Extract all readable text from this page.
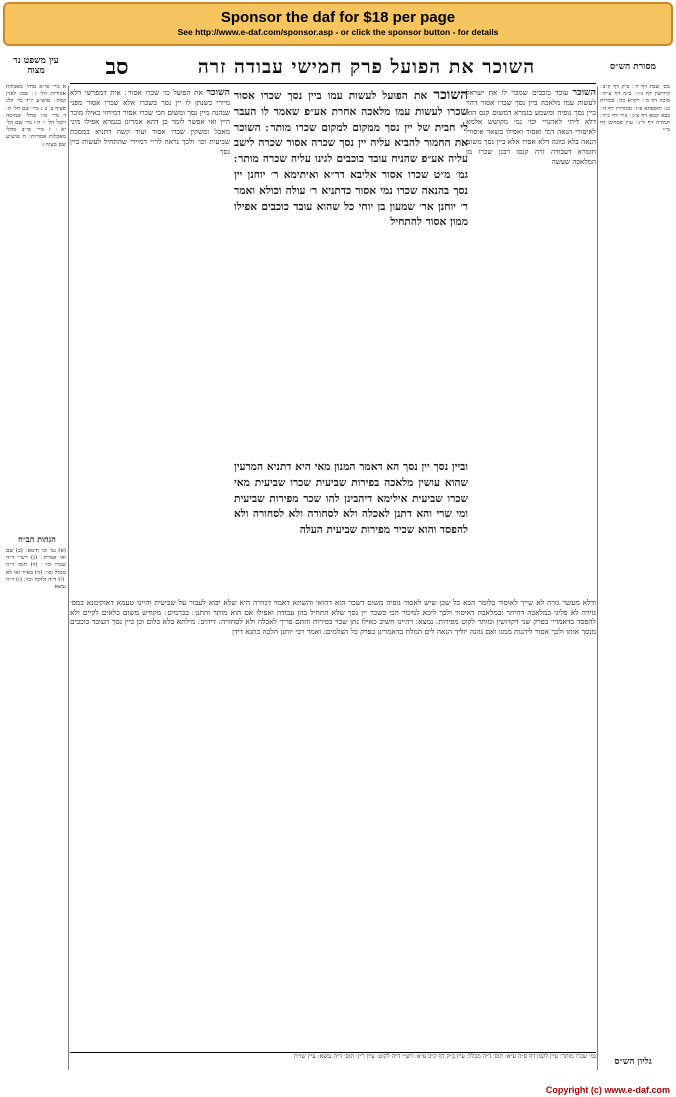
Sponsor the daf for $18 per page
See http://www.e-daf.com/sponsor.asp - or click the sponsor button - for details
עין משפט נר מצוה	סב	השוכר את הפועל פרק חמישי עבודה זרה	מסורת הש״ס

א מיי׳ פי״א מהל׳ מאכלות אסורות הל׳ ז ׃ סמג לאוין קמח ׃ טוש״ע יו״ד סי׳ קלג סעיף ב ׃ ב ג מיי׳ שם הל׳ ח ׃ ד מיי׳ פ״ו מהל׳ שמיטה ויובל הל׳ י ׃ ה ו מיי׳ שם הל׳ יא ׃ ז מיי׳ פי״ב מהל׳ מאכלות אסורות ׃ ח טוש״ע שם סעיף ג

הגהות הב״ח

(א) גמ׳ וכי תימא ׃ (ב) שם ואי אמרת ׃ (ג) רש״י ד״ה שכרו וכו׳ ׃ (ד) תוס׳ ד״ה מכלל וכו׳ ׃ (ה) בא״ד ואי לא ׃ (ו) ד״ה ולוקח וכו׳ ׃ (ז) ד״ה נמצא

מס׳ שבת דף ל׳ ׃ ב״ק דף ק״ב ׃ קידושין דף נ״ו ׃ ב״מ דף ע״ח ׃ סוכה דף מ׳ ׃ ויקרא כה ׃ בכורות כג ׃ תוספתא פ״ז ׃ סנהדרין דף ה׳ ׃ בבא קמא דף צ״ג ׃ נזיר דף כ״ד ׃ תמורה דף ל״ג ׃ עיין פסחים דף מ״ו

השוכר את הפועל כו׳ שכרו אסור ׃ אית דמפרשי דלא מיירי כשנתן לו יין נסך בשכרו אלא שכרו אסור מפני שנהנה מיין נסך ומשום הכי שכרו אסור דמיחזי כאילו מוכר היין ואי אפשר לומר כן דהא אמרינן בגמרא אפילו מיני מאכל ומשקין שכרו אסור ועוד קשה דתניא במסכת שביעית וכו׳ ולכך נראה לר״י דמיירי שהתחיל לעשות ביין נסך

השוכר את הפועל לעשות עמו ביין נסך שכרו אסור שכרו לעשות עמו מלאכה אחרת אע״פ שאמר לו העבר לי חבית של יין נסך ממקום למקום שכרו מותר ׃ השוכר את החמור להביא עליה יין נסך שכרה אסור שכרה לישב עליה אע״פ שהניח עובד כוכבים לגינו עליה שכרה מותר ׃ גמ׳ מ״ט שכרו אסור אליבא דר״א ואיתימא ר׳ יוחנן יין נסך בהנאה שכרו נמי אסור כדתניא ר׳ עולה וכולא ואמר ר׳ יוחנן אר׳ שמעון בן יוחי כל שהוא עובד כוכבים אפילו ממון אסור להתחיל

וביין נסך יין נסך הא דאמר המנון מאי היא דתניא המרעין שהוא עושין מלאכה בפירות שביעית שכרו שביעית מאי שכרו שביעית אילימא דיהבינן להו שכר מפירות שביעית ומי שרי והא דתנן לאכלה ולא לסחורה ולא לסחורה ולא להפסד והוא שכיר מפירות שביעית העלה

השוכר עובד כוכבים שמכר לו את ישראל לעשות עמו מלאכה ביין נסך שכרו אסור דהוי כיין נסך גופיה ומשמע בגמרא דמשום קנס הוא דלא ליתי לאהנויי וכו׳ גמ׳ מקושש אלמא לאיסורי הנאה דמי ואסור ואפילו בשאר איסורי הנאה בלא כוונה דלא אסרו אלא ביין נסך משום חומרא דעבודה זרה קנסו רבנן שכרו מן המלאכה שעשה

ודלא מעשר גזרה לא שייך לאוסור כלומר הכא כל שכן שיש לאסור גופיה משום דשכר הוא דהואי והשתא דאמר דגזירה היא שלא יבוא לעבור על שביעית והיינו טעמא דאוקימנא במס׳ גזירה לא פליגי במלאכה דהיתר ובמלאכה דאיסור ולכך ליכא למימר הכי בשכר יין נסך שלא התחיל בהן עבודה ואפילו אם הוא מותר והתנן ׃ בכרמים ׃ מקודש משום כלאים לקיים ולא להפסד כדאמרי׳ בפרק שני דקדושין ומותר לקוט מפירות ׃ נמצא ׃ דהיינו חשיב כאילו נתן שכר בפירות והתם פריך לאכלה ולא לסחורה ׃ דיהיב ׃ מילתא בלא כלום וכן ביין נסך העובד כוכבים מנסך אותו ולכך אסור ליהנות ממנו ואם נהנה יוליך הנאה לים המלח כדאמרינן בפרק כל הצלמים ׃ ואמר רבי יוחנן הלכה כתנא דידן

גליון הש״ס

גמ׳ שכרו מותר ׃ עיין לקמן דף ס״ה ע״א ׃ תוס׳ ד״ה מכלל ׃ עיין ב״ק דף ק״ב ע״א ׃ רש״י ד״ה לקוט ׃ עיין ר״ן ׃ תוס׳ ד״ה נמצא ׃ עיין שו״ת

Copyright (c) www.e-daf.com
